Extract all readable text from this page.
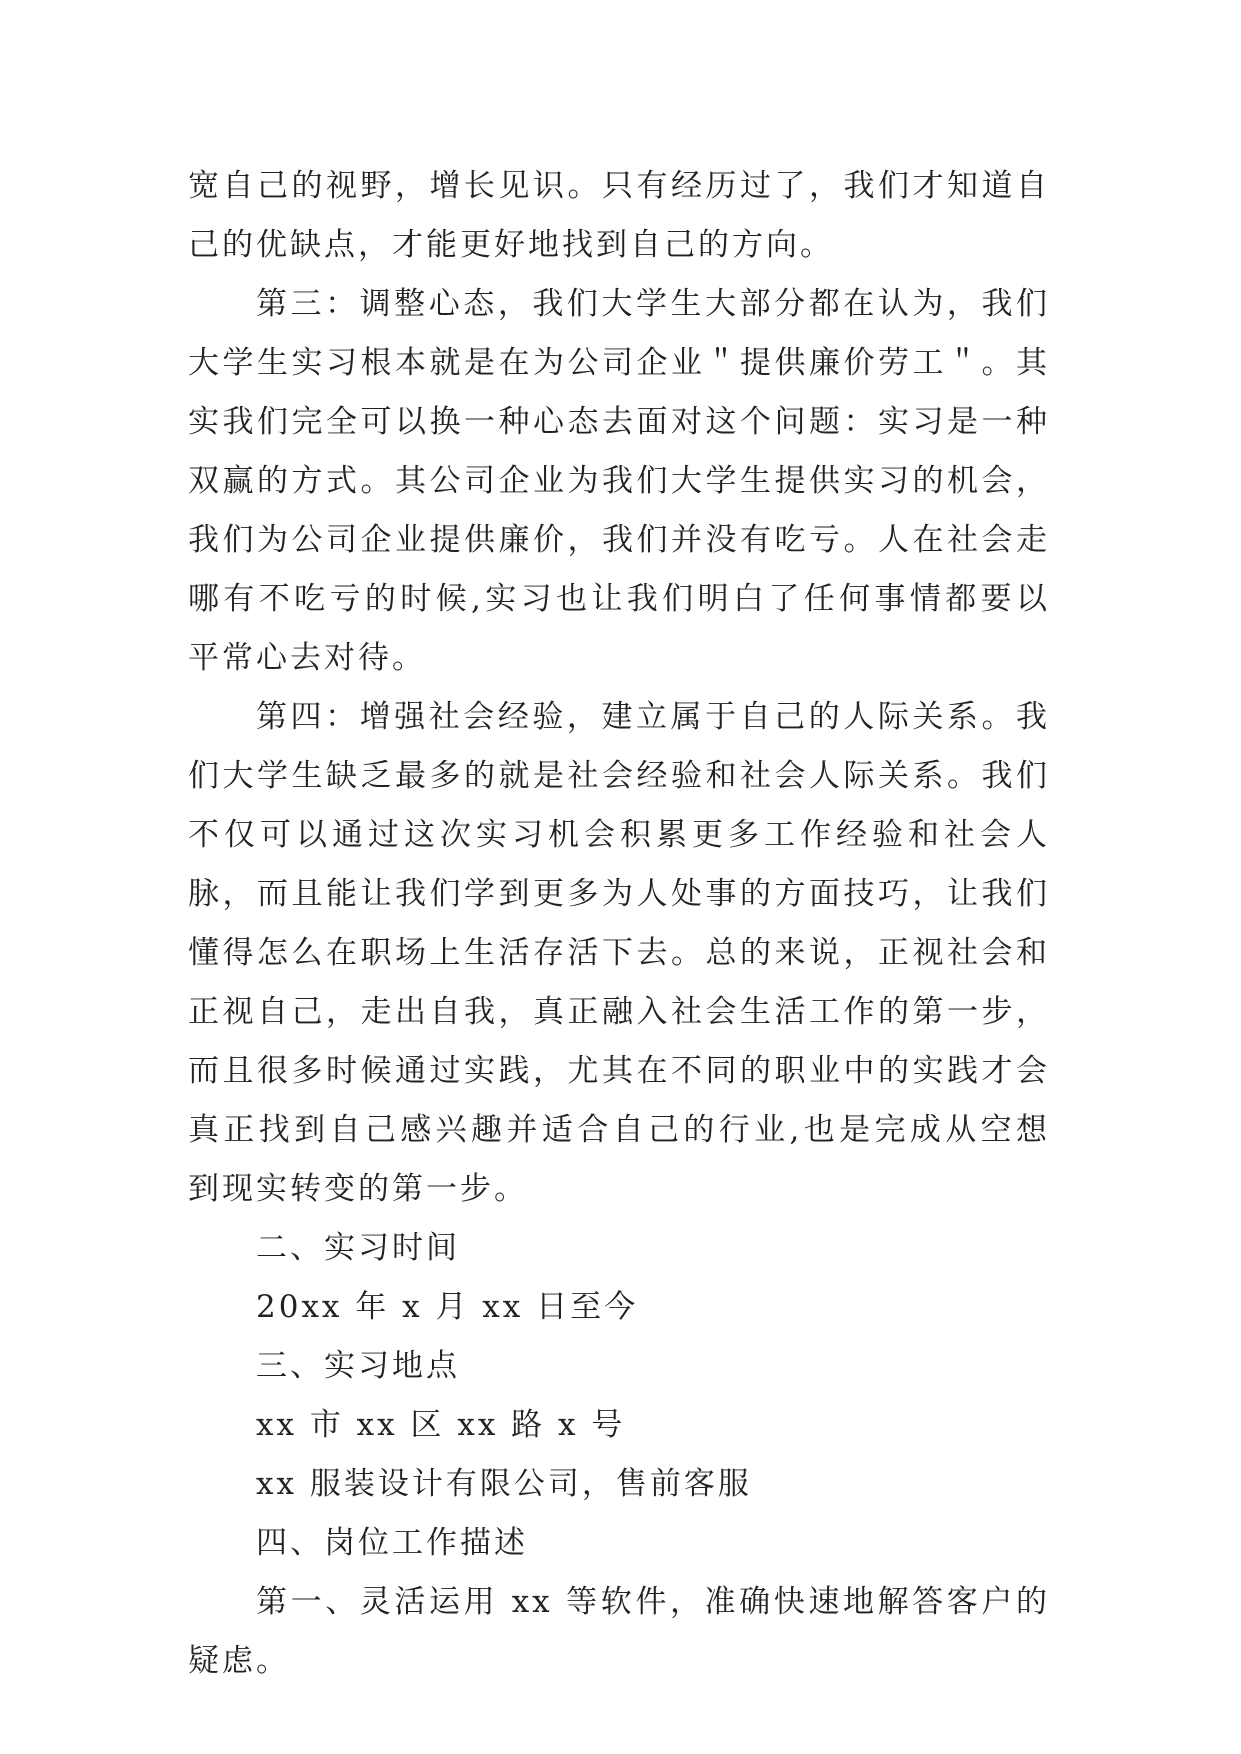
宽自己的视野，增长见识。只有经历过了，我们才知道自己的优缺点，才能更好地找到自己的方向。

第三：调整心态，我们大学生大部分都在认为，我们大学生实习根本就是在为公司企业＂提供廉价劳工＂。其实我们完全可以换一种心态去面对这个问题：实习是一种双赢的方式。其公司企业为我们大学生提供实习的机会，我们为公司企业提供廉价，我们并没有吃亏。人在社会走哪有不吃亏的时候,实习也让我们明白了任何事情都要以平常心去对待。

第四：增强社会经验，建立属于自己的人际关系。我们大学生缺乏最多的就是社会经验和社会人际关系。我们不仅可以通过这次实习机会积累更多工作经验和社会人脉，而且能让我们学到更多为人处事的方面技巧，让我们懂得怎么在职场上生活存活下去。总的来说，正视社会和正视自己，走出自我，真正融入社会生活工作的第一步，而且很多时候通过实践，尤其在不同的职业中的实践才会真正找到自己感兴趣并适合自己的行业,也是完成从空想到现实转变的第一步。

二、实习时间

20xx 年 x 月 xx 日至今

三、实习地点

xx 市 xx 区 xx 路 x 号

xx 服装设计有限公司，售前客服

四、岗位工作描述

第一、灵活运用 xx 等软件，准确快速地解答客户的疑虑。
